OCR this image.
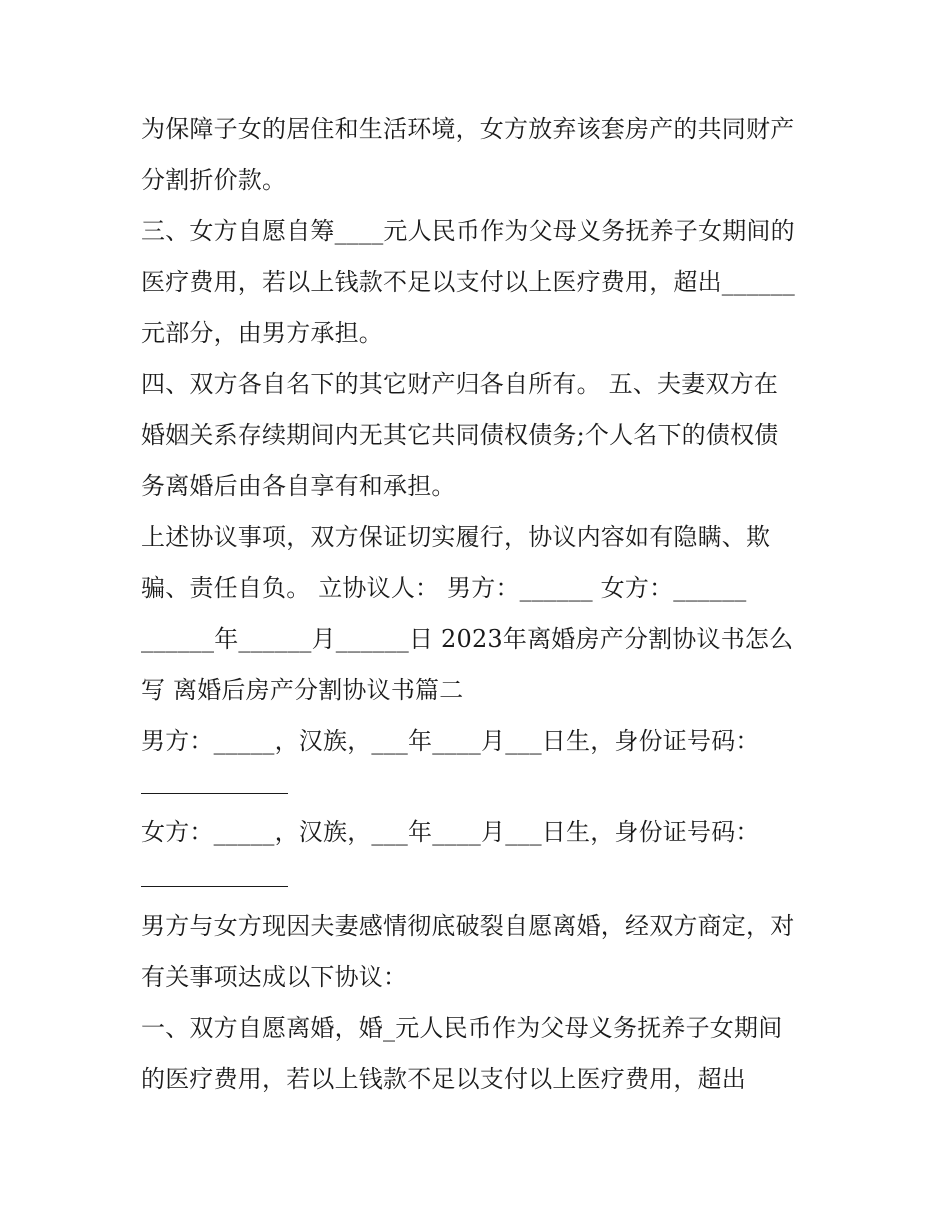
为保障子女的居住和生活环境，女方放弃该套房产的共同财产
分割折价款。
三、女方自愿自筹____元人民币作为父母义务抚养子女期间的
医疗费用，若以上钱款不足以支付以上医疗费用，超出______
元部分，由男方承担。
四、双方各自名下的其它财产归各自所有。 五、夫妻双方在
婚姻关系存续期间内无其它共同债权债务;个人名下的债权债
务离婚后由各自享有和承担。
上述协议事项，双方保证切实履行，协议内容如有隐瞒、欺
骗、责任自负。 立协议人： 男方：______ 女方：______
______年______月______日 2023年离婚房产分割协议书怎么
写 离婚后房产分割协议书篇二
男方：_____，汉族，___年____月___日生，身份证号码：
女方：_____，汉族，___年____月___日生，身份证号码：
男方与女方现因夫妻感情彻底破裂自愿离婚，经双方商定，对
有关事项达成以下协议：
一、双方自愿离婚，婚_元人民币作为父母义务抚养子女期间
的医疗费用，若以上钱款不足以支付以上医疗费用，超出
